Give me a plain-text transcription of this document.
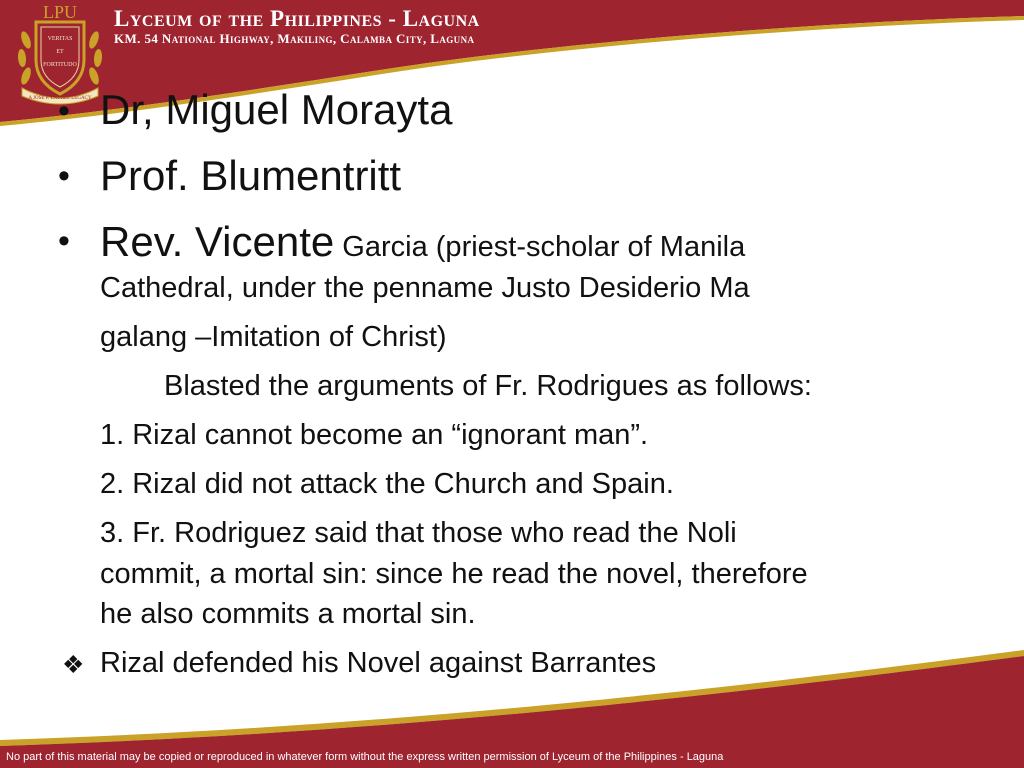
LPU
VERITAS
ET
FORTITUDO
A JOSE P. LAUREL LEGACY
Lyceum of the Philippines - Laguna
KM. 54 National Highway, Makiling, Calamba City, Laguna
• Dr, Miguel Morayta
• Prof. Blumentritt
• Rev. Vicente Garcia (priest-scholar of Manila
Cathedral, under the penname Justo Desiderio Ma
galang –Imitation of Christ)
Blasted the arguments of Fr. Rodrigues as follows:
1. Rizal cannot become an “ignorant man”.
2. Rizal did not attack the Church and Spain.
3. Fr. Rodriguez said that those who read the Noli
commit, a mortal sin: since he read the novel, therefore
he also commits a mortal sin.
❖ Rizal defended his Novel against Barrantes
No part of this material may be copied or reproduced in whatever form without the express written permission of Lyceum of the Philippines - Laguna
